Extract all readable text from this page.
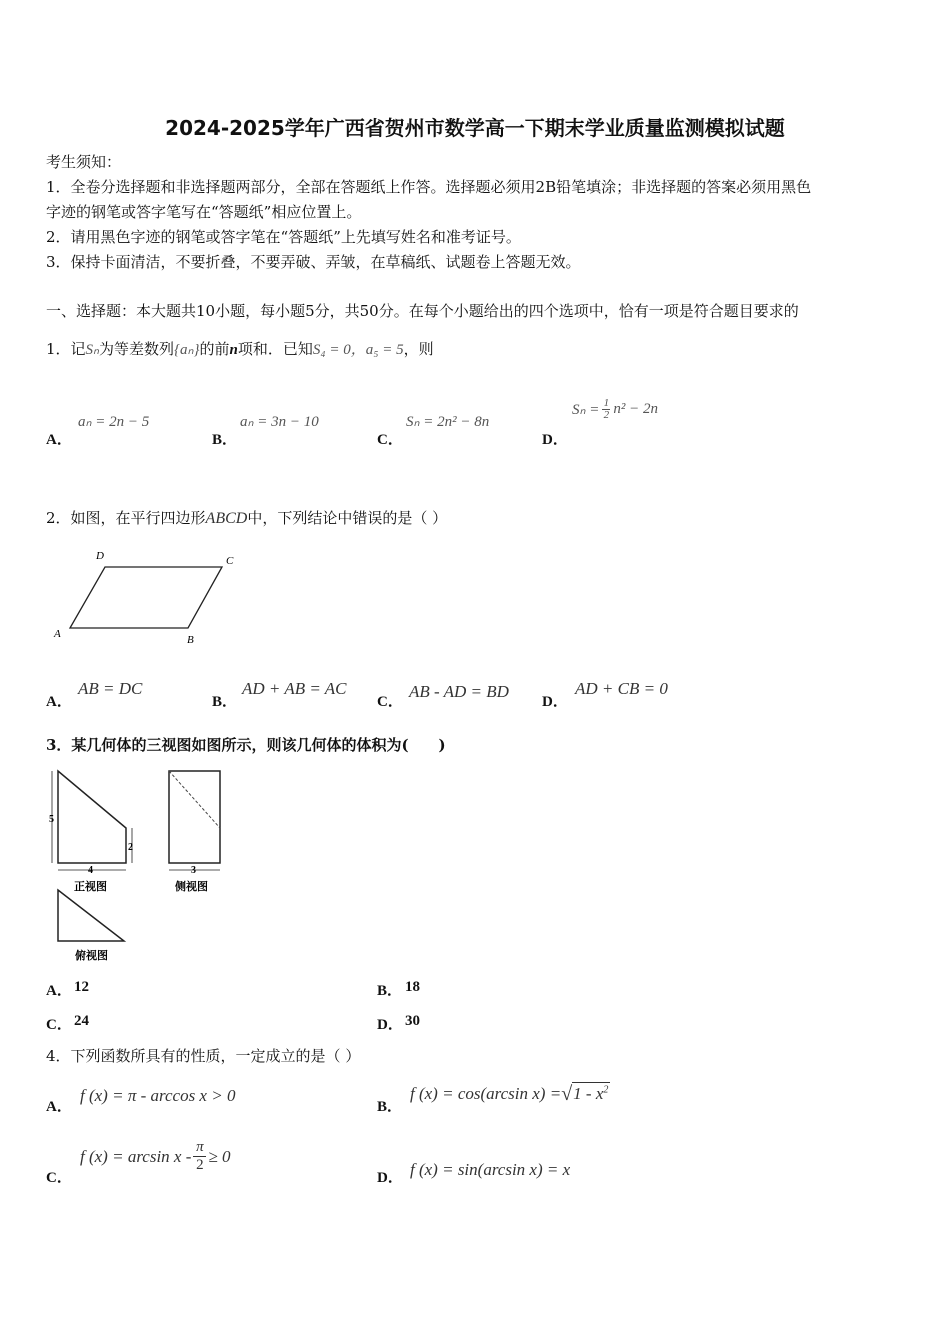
2024-2025学年广西省贺州市数学高一下期末学业质量监测模拟试题
考生须知：
1．全卷分选择题和非选择题两部分，全部在答题纸上作答。选择题必须用2B铅笔填涂；非选择题的答案必须用黑色
字迹的钢笔或答字笔写在“答题纸”相应位置上。
2．请用黑色字迹的钢笔或答字笔在“答题纸”上先填写姓名和准考证号。
3．保持卡面清洁，不要折叠，不要弄破、弄皱，在草稿纸、试题卷上答题无效。
一、选择题：本大题共10小题，每小题5分，共50分。在每个小题给出的四个选项中，恰有一项是符合题目要求的
1．记Sₙ为等差数列{aₙ}的前n项和．已知S₄ = 0，a₅ = 5，则
A．
aₙ = 2n − 5
B．
aₙ = 3n − 10
C．
Sₙ = 2n² − 8n
D．
Sₙ = 1
2 n² − 2n
2．如图，在平行四边形ABCD中，下列结论中错误的是（ ）
A	B
C
D
A．
AB = DC
B．
AD + AB = AC
C．
AB - AD = BD
D．
AD + CB = 0
3．某几何体的三视图如图所示，则该几何体的体积为(　　)
5
2
4
正视图
3
侧视图
俯视图
A． 12	B． 18
C． 24	D． 30
4．下列函数所具有的性质，一定成立的是（ ）
A．
f (x) = π - arccos x > 0
B．
f (x) = cos(arcsin x) = √ $1 - x^2$
C．
f (x) = arcsin x - π
2 ≥ 0
D． f (x) = sin(arcsin x) = x
